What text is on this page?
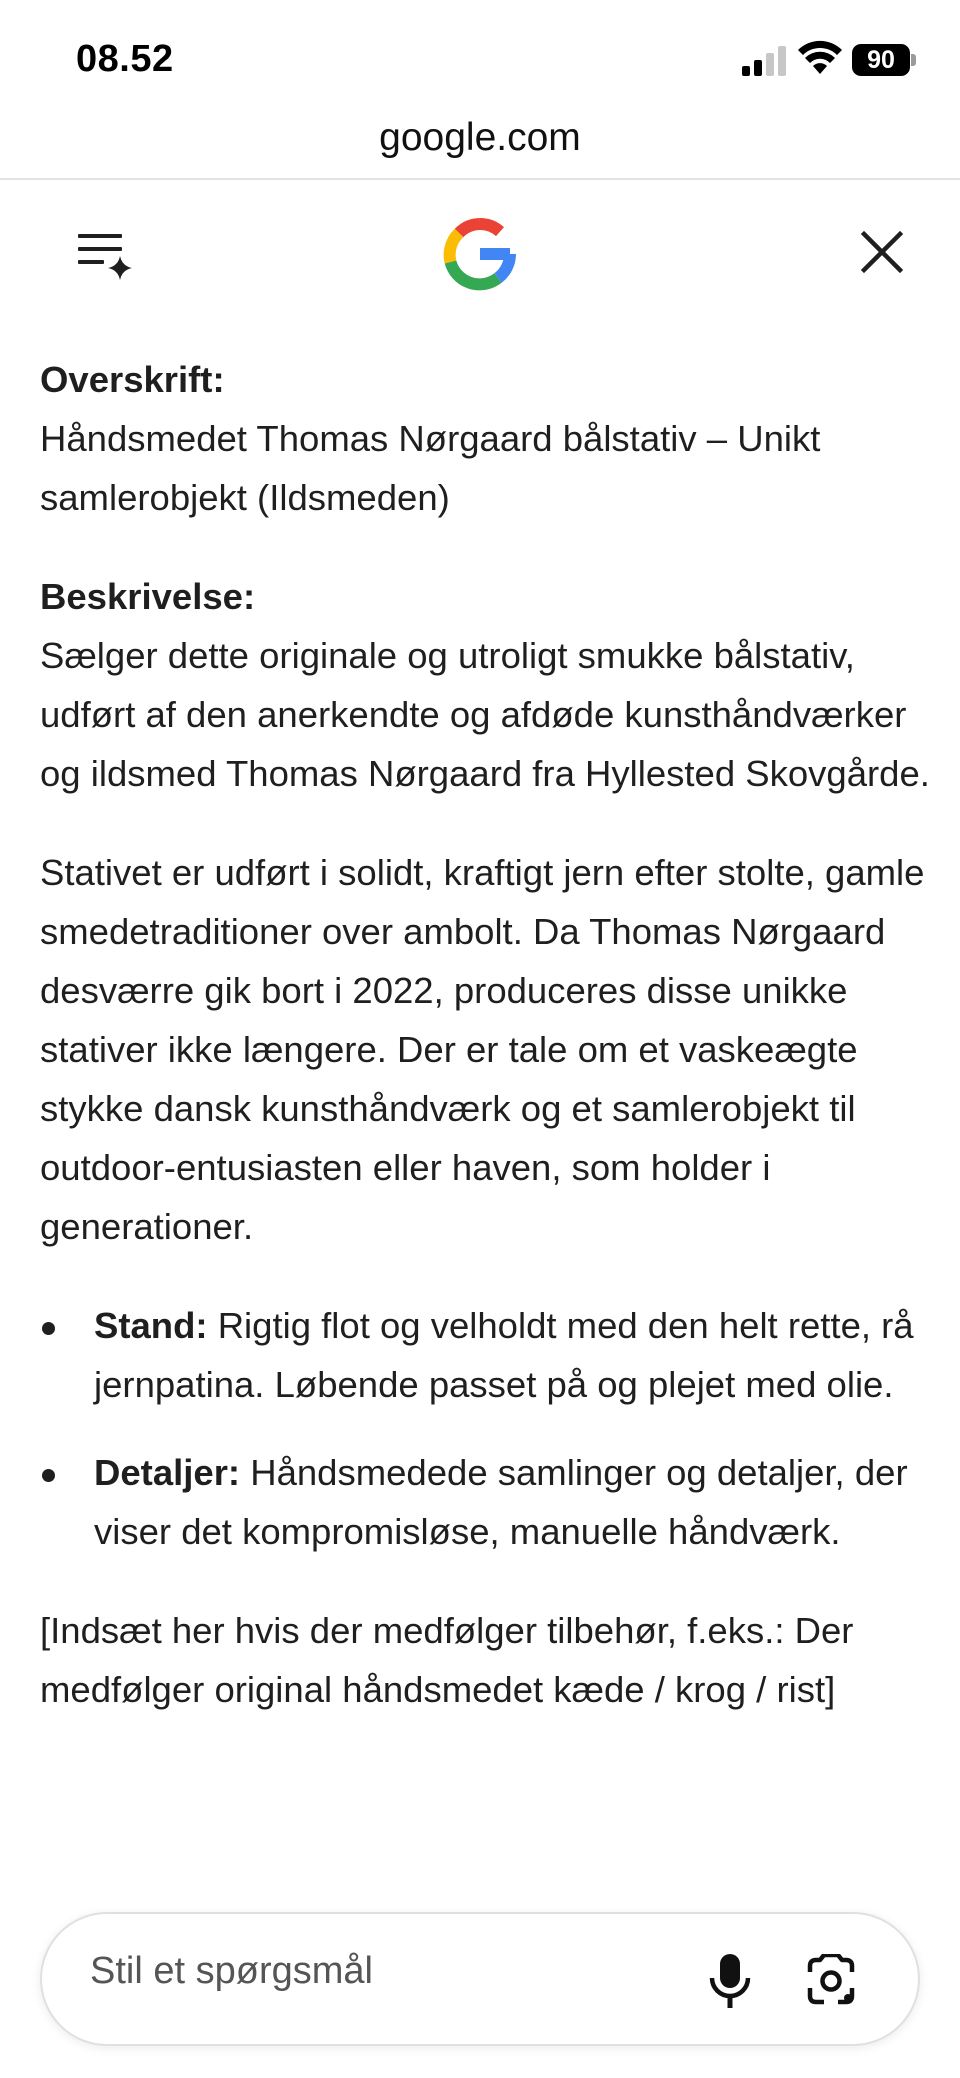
08.52	90
google.com

Overskrift:
Håndsmedet Thomas Nørgaard bålstativ – Unikt samlerobjekt (Ildsmeden)

Beskrivelse:
Sælger dette originale og utroligt smukke bålstativ, udført af den anerkendte og afdøde kunsthåndværker og ildsmed Thomas Nørgaard fra Hyllested Skovgårde.

Stativet er udført i solidt, kraftigt jern efter stolte, gamle smedetraditioner over ambolt. Da Thomas Nørgaard desværre gik bort i 2022, produceres disse unikke stativer ikke længere. Der er tale om et vaskeægte stykke dansk kunsthåndværk og et samlerobjekt til outdoor-entusiasten eller haven, som holder i generationer.

Stand: Rigtig flot og velholdt med den helt rette, rå jernpatina. Løbende passet på og plejet med olie.
Detaljer: Håndsmedede samlinger og detaljer, der viser det kompromisløse, manuelle håndværk.

[Indsæt her hvis der medfølger tilbehør, f.eks.: Der medfølger original håndsmedet kæde / krog / rist]

Stil et spørgsmål
